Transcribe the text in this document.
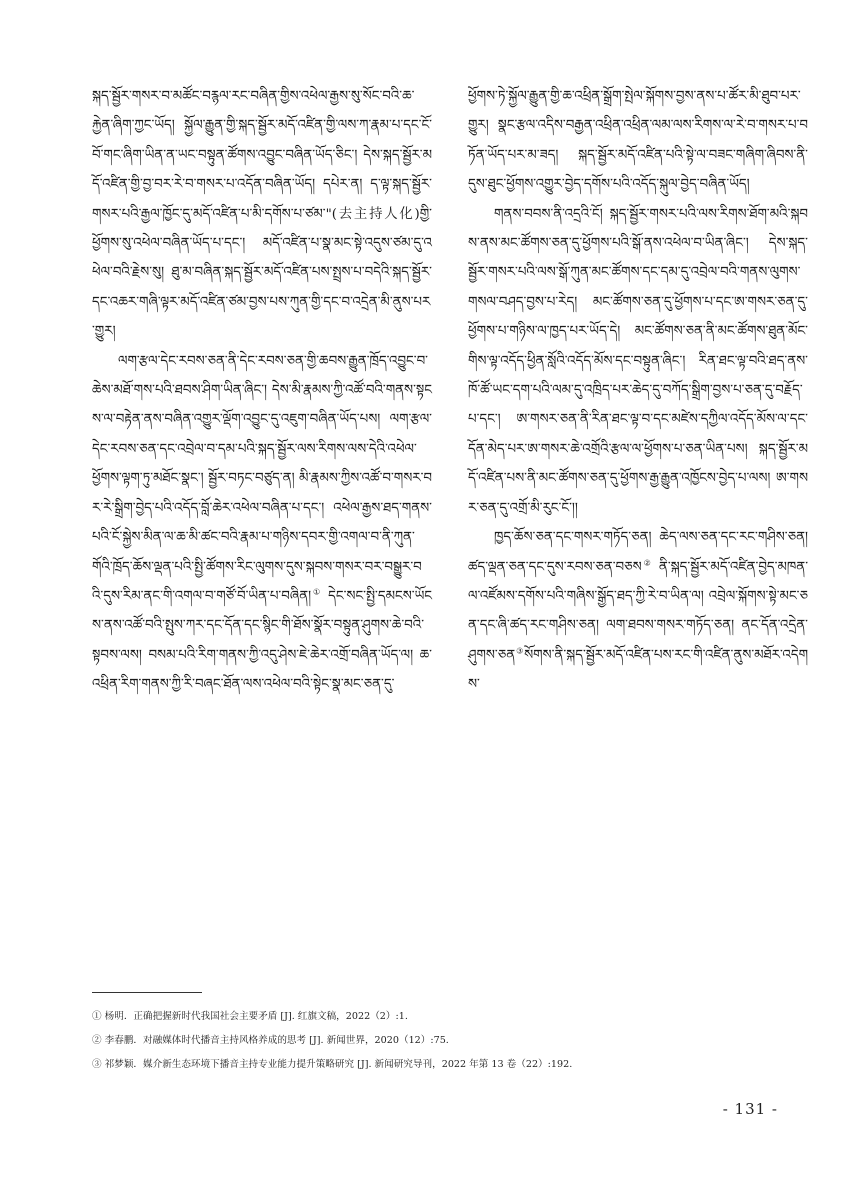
སྐད་སྦྱོར་གསར་བ་མཚོང་བརྙལ་རང་བཞིན་གྱིས་འཕེལ་རྒྱས་སུ་སོང་བའི་ཆ་རྐྱེན་ཞིག་ཀྱང་ཡོད། སྐྱོལ་རྒྱུན་གྱི་སྐད་སྦྱོར་མདོ་འཛིན་གྱི་ལས་ཀ་རྣམ་པ་དང་ངོ་བོ་གང་ཞིག་ཡིན་ན་ཡང་བསྟུན་ཚོགས་འབྱུང་བཞིན་ཡོད་ཅིང་། དེས་སྐད་སྦྱོར་མདོ་འཛིན་གྱི་བྱ་བར་རེ་བ་གསར་པ་འདོན་བཞིན་ཡོད། དཔེར་ན། ད་ལྟ་སྐད་སྦྱོར་གསར་པའི་རྒྱལ་ཁྱོང་དུ་མདོ་འཛིན་པ་མི་དགོས་པ་ཙམ་"(去主持人化)གྱི་ཕྱོགས་སུ་འཕེལ་བཞིན་ཡོད་པ་དང་། མདོ་འཛིན་པ་སྣ་མང་སྟེ་འདུས་ཙམ་དུ་འཕེལ་བའི་རྗེས་སུ། ཐུ་མ་བཞིན་སྐད་སྦྱོར་མདོ་འཛིན་པས་སྤྲས་པ་བདེའི་སྐད་སྦྱོར་དང་འཆར་གཞི་ལྟར་མདོ་འཛིན་ཙམ་བྱས་པས་ཀུན་གྱི་དང་བ་འདྲེན་མི་ནུས་པར་གྱུར།

ལག་རྩལ་དེང་རབས་ཅན་ནི་དེང་རབས་ཅན་གྱི་ཆབས་རྒྱུན་ཁྲོད་འབྱུང་བ་ཆེས་མཐོ་གས་པའི་ཐབས་ཤིག་ཡིན་ཞིང་། དེས་མི་རྣམས་ཀྱི་འཚོ་བའི་གནས་སྟངས་ལ་བརྟེན་ནས་བཞིན་འགྱུར་ལྡོག་འབྱུང་དུ་འཇུག་བཞིན་ཡོད་པས། ལག་རྩལ་དེང་རབས་ཅན་དང་འབྲེལ་བ་དམ་པའི་སྐད་སྦྱོར་ལས་རིགས་ལས་དེའི་འཕེལ་ཕྱོགས་ལྟག་ཏུ་མཐོང་སྣང་། སྦྱོར་བཏང་བཙུད་ན། མི་རྣམས་ཀྱིས་འཚོ་བ་གསར་བར་རེ་སྒྲིག་བྱེད་པའི་འདོད་བློ་ཆེར་འཕེལ་བཞིན་པ་དང་། འཕེལ་རྒྱས་ཐད་གནས་པའི་ངོ་སྐྱེས་མིན་ལ་ཆ་མི་ཚང་བའི་རྣམ་པ་གཉིས་དབར་གྱི་འགལ་བ་ནི་ཀུན་གོའི་ཁྲོད་ཆོས་ལྡན་པའི་སྤྱི་ཚོགས་རིང་ལུགས་དུས་སྐབས་གསར་བར་བསྒྱུར་བའི་དུས་རིམ་ནང་གི་འགལ་བ་གཙོ་བོ་ཡིན་པ་བཞིན།① དེང་སང་སྤྱི་དམངས་ཡོངས་ནས་འཚོ་བའི་སྤུས་ཀར་དང་དོན་དང་སྙིང་གི་ཐོས་སྣོར་བསྟུན་ཤུགས་ཆེ་བའི་སྟབས་ལས། བསམ་པའི་རིག་གནས་ཀྱི་འདུ་ཤེས་ཇེ་ཆེར་འགྲོ་བཞིན་ཡོད་ལ། ཆ་འཕྲིན་རིག་གནས་ཀྱི་རི་བཞང་ཐོན་ལས་འཕེལ་བའི་སྟེང་སྣ་མང་ཅན་དུ་

ཕྱོགས་ཏེ་སྐྱོལ་རྒྱུན་གྱི་ཆ་འཕྲིན་སྒྲོག་སྤེལ་སྐོགས་བྱས་ནས་པ་ཚོར་མི་ཐུབ་པར་གྱུར། སྣང་རྩལ་འདིས་བརྒྱན་འཕྲིན་འཕྲིན་ལམ་ལས་རིགས་ལ་རེ་བ་གསར་པ་བཏོན་ཡོད་པར་མ་ཟད། སྐད་སྦྱོར་མདོ་འཛིན་པའི་སྟེ་ལ་བཟང་གཞིག་ཞིབས་ནི་དུས་ཐུང་ཕྱོགས་འགྱུར་བྱེད་དགོས་པའི་འདོད་སྐུལ་བྱེད་བཞིན་ཡོད།

གནས་བབས་ནི་འདྲའི་ངོ། སྐད་སྦྱོར་གསར་པའི་ལས་རིགས་ཐོག་མའི་སྐབས་ནས་མང་ཚོགས་ཅན་དུ་ཕྱོགས་པའི་སྒོ་ནས་འཕེལ་བ་ཡིན་ཞིང་། དེས་སྐད་སྦྱོར་གསར་པའི་ལས་སྒོ་ཀུན་མང་ཚོགས་དང་དམ་དུ་འབྲེལ་བའི་གནས་ལུགས་གསལ་བཤད་བྱས་པ་རེད། མང་ཚོགས་ཅན་དུ་ཕྱོགས་པ་དང་ཨ་གསར་ཅན་དུ་ཕྱོགས་པ་གཉིས་ལ་ཁྱད་པར་ཡོད་དེ། མང་ཚོགས་ཅན་ནི་མང་ཚོགས་ཐུན་མོང་གིས་ལྟ་འདོད་ཕྱིན་སློའི་འདོད་མོས་དང་བསྟུན་ཞིང་། རིན་ཐང་ལྟ་བའི་ཐད་ནས་ཁོ་ཚོ་ཡང་དག་པའི་ལམ་དུ་འཁྲིད་པར་ཆེད་དུ་བཀོད་སྒྲིག་བྱས་པ་ཅན་དུ་བརྗོད་པ་དང་། ཨ་གསར་ཅན་ནི་རིན་ཐང་ལྟ་བ་དང་མཛེས་དཀྱིལ་འདོད་མོས་ལ་དང་དོན་མེད་པར་ཨ་གསར་ཆེ་འགྲོའི་རྩལ་ལ་ཕྱོགས་པ་ཅན་ཡིན་པས། སྐད་སྦྱོར་མདོ་འཛིན་པས་ནི་མང་ཚོགས་ཅན་དུ་ཕྱོགས་རྒྱ་རྒྱུན་འཁྱོངས་བྱེད་པ་ལས། ཨ་གསར་ཅན་དུ་འགྲོ་མི་རུང་ངོ་།།

ཁྱད་ཆོས་ཅན་དང་གསར་གཏོད་ཅན། ཆེད་ལས་ཅན་དང་རང་གཤིས་ཅན། ཚད་ལྡན་ཅན་དང་དུས་རབས་ཅན་བཅས② ནི་སྐད་སྦྱོར་མདོ་འཛིན་བྱེད་མཁན་ལ་འཛོམས་དགོས་པའི་གཞིས་སྒྱོད་ཐད་ཀྱི་རེ་བ་ཡིན་ལ། འབྲེལ་སྐོགས་སྟེ་མང་ཅན་དང་ཞི་ཚད་རང་གཤིས་ཅན། ལག་ཐབས་གསར་གཏོད་ཅན། ནང་དོན་འདྲེན་ཤུགས་ཅན③སོགས་ནི་སྐད་སྦྱོར་མདོ་འཛིན་པས་རང་གི་འཛིན་ནུས་མཐོར་འདེགས་

① 杨明．正确把握新时代我国社会主要矛盾 [J]. 红旗文稿，2022（2）:1.

② 李春鹏．对融媒体时代播音主持风格养成的思考 [J]. 新闻世界，2020（12）:75.

③ 祁梦颖．媒介新生态环境下播音主持专业能力提升策略研究 [J]. 新闻研究导刊，2022 年第 13 卷（22）:192.

- 131 -
